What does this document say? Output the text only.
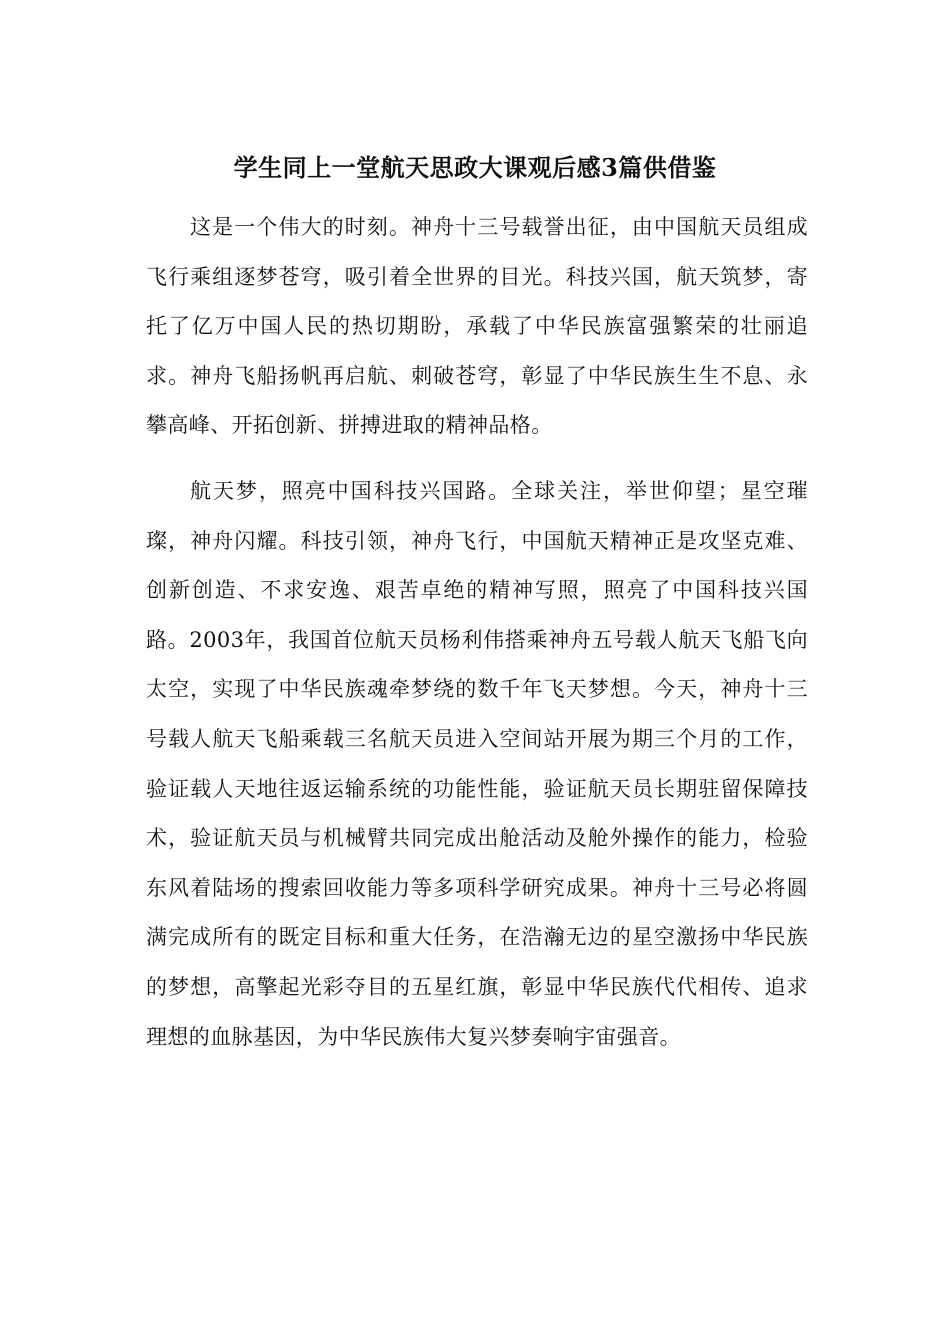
学生同上一堂航天思政大课观后感3篇供借鉴

这是一个伟大的时刻。神舟十三号载誉出征，由中国航天员组成飞行乘组逐梦苍穹，吸引着全世界的目光。科技兴国，航天筑梦，寄托了亿万中国人民的热切期盼，承载了中华民族富强繁荣的壮丽追求。神舟飞船扬帆再启航、刺破苍穹，彰显了中华民族生生不息、永攀高峰、开拓创新、拼搏进取的精神品格。

航天梦，照亮中国科技兴国路。全球关注，举世仰望；星空璀璨，神舟闪耀。科技引领，神舟飞行，中国航天精神正是攻坚克难、创新创造、不求安逸、艰苦卓绝的精神写照，照亮了中国科技兴国路。2003年，我国首位航天员杨利伟搭乘神舟五号载人航天飞船飞向太空，实现了中华民族魂牵梦绕的数千年飞天梦想。今天，神舟十三号载人航天飞船乘载三名航天员进入空间站开展为期三个月的工作，验证载人天地往返运输系统的功能性能，验证航天员长期驻留保障技术，验证航天员与机械臂共同完成出舱活动及舱外操作的能力，检验东风着陆场的搜索回收能力等多项科学研究成果。神舟十三号必将圆满完成所有的既定目标和重大任务，在浩瀚无边的星空激扬中华民族的梦想，高擎起光彩夺目的五星红旗，彰显中华民族代代相传、追求理想的血脉基因，为中华民族伟大复兴梦奏响宇宙强音。
